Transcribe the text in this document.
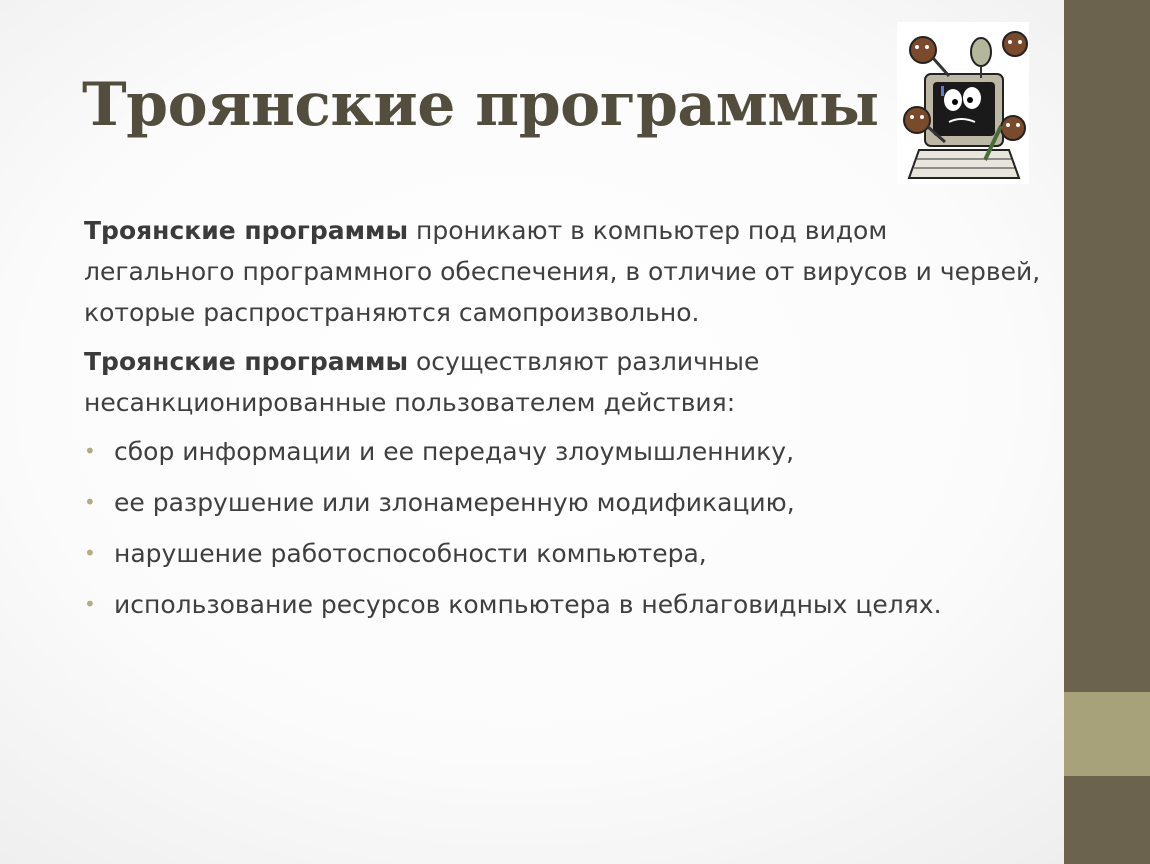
Троянские программы

Троянские программы проникают в компьютер под видом легального программного обеспечения, в отличие от вирусов и червей, которые распространяются самопроизвольно.

Троянские программы осуществляют различные несанкционированные пользователем действия:

• сбор информации и ее передачу злоумышленнику,
• ее разрушение или злонамеренную модификацию,
• нарушение работоспособности компьютера,
• использование ресурсов компьютера в неблаговидных целях.
